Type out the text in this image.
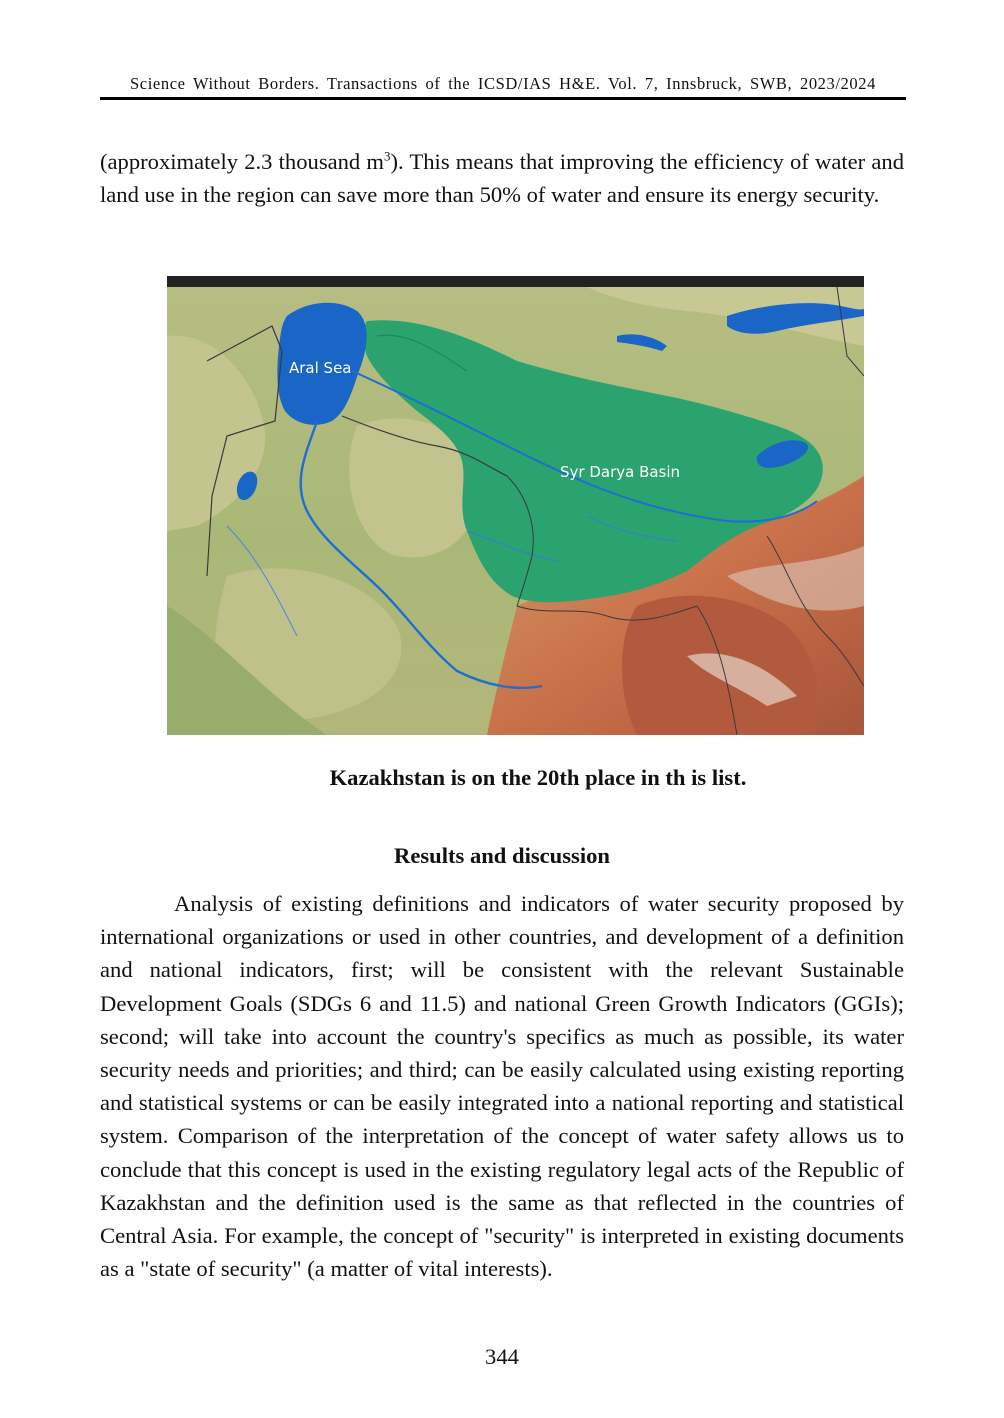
Science Without Borders. Transactions of the ICSD/IAS H&E. Vol. 7, Innsbruck, SWB, 2023/2024

(approximately 2.3 thousand $m^3$). This means that improving the efficiency of water and land use in the region can save more than 50% of water and ensure its energy security.

Aral Sea
Syr Darya Basin
Kazakhstan is on the 20th place in th is list.
Results and discussion

Analysis of existing definitions and indicators of water security proposed by international organizations or used in other countries, and development of a definition and national indicators, first; will be consistent with the relevant Sustainable Development Goals (SDGs 6 and 11.5) and national Green Growth Indicators (GGIs); second; will take into account the country's specifics as much as possible, its water security needs and priorities; and third; can be easily calculated using existing reporting and statistical systems or can be easily integrated into a national reporting and statistical system. Comparison of the interpretation of the concept of water safety allows us to conclude that this concept is used in the existing regulatory legal acts of the Republic of Kazakhstan and the definition used is the same as that reflected in the countries of Central Asia. For example, the concept of "security" is interpreted in existing documents as a "state of security" (a matter of vital interests).

344
